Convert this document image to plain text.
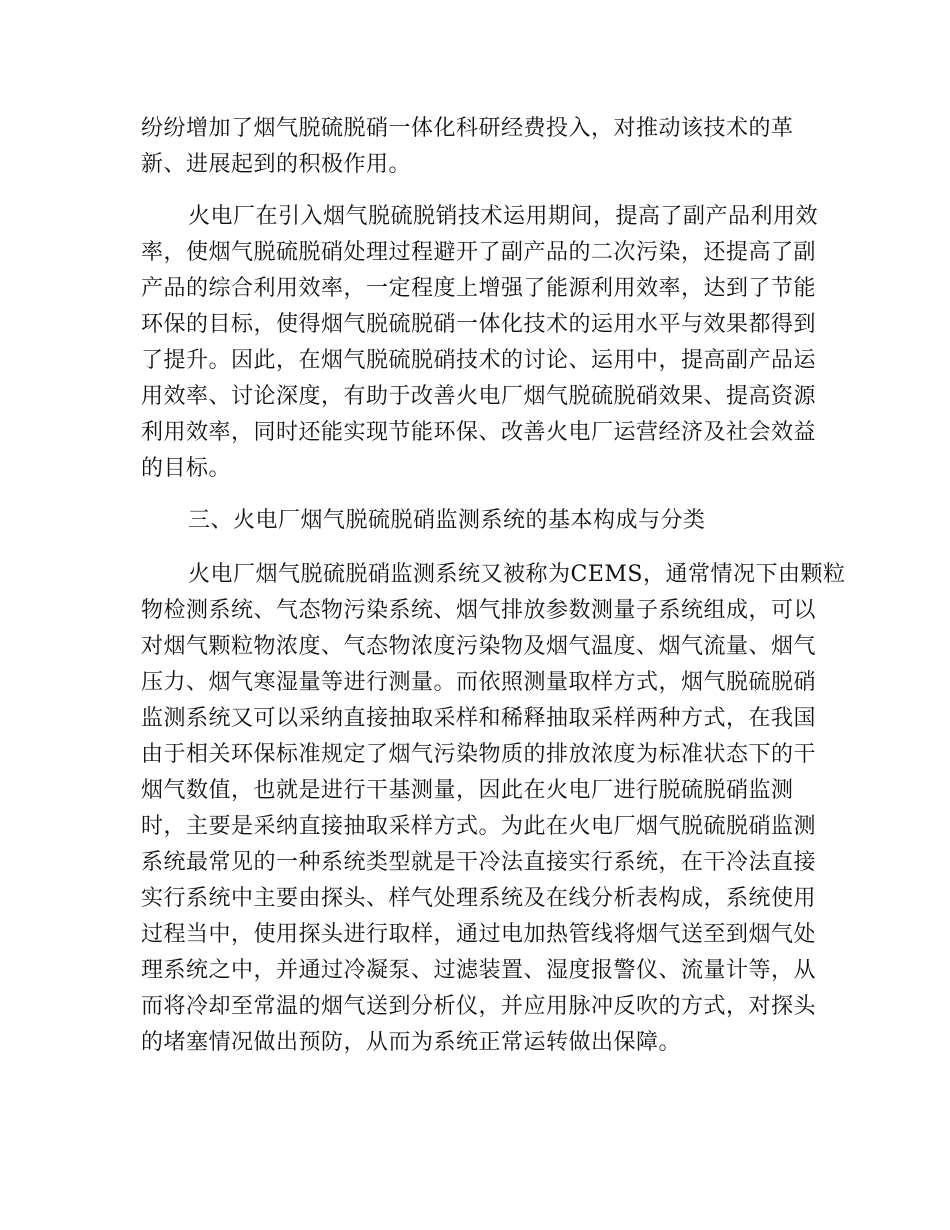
纷纷增加了烟气脱硫脱硝一体化科研经费投入，对推动该技术的革
新、进展起到的积极作用。
火电厂在引入烟气脱硫脱销技术运用期间，提高了副产品利用效
率，使烟气脱硫脱硝处理过程避开了副产品的二次污染，还提高了副
产品的综合利用效率，一定程度上增强了能源利用效率，达到了节能
环保的目标，使得烟气脱硫脱硝一体化技术的运用水平与效果都得到
了提升。因此，在烟气脱硫脱硝技术的讨论、运用中，提高副产品运
用效率、讨论深度，有助于改善火电厂烟气脱硫脱硝效果、提高资源
利用效率，同时还能实现节能环保、改善火电厂运营经济及社会效益
的目标。
三、火电厂烟气脱硫脱硝监测系统的基本构成与分类
火电厂烟气脱硫脱硝监测系统又被称为CEMS，通常情况下由颗粒
物检测系统、气态物污染系统、烟气排放参数测量子系统组成，可以
对烟气颗粒物浓度、气态物浓度污染物及烟气温度、烟气流量、烟气
压力、烟气寒湿量等进行测量。而依照测量取样方式，烟气脱硫脱硝
监测系统又可以采纳直接抽取采样和稀释抽取采样两种方式，在我国
由于相关环保标准规定了烟气污染物质的排放浓度为标准状态下的干
烟气数值，也就是进行干基测量，因此在火电厂进行脱硫脱硝监测
时，主要是采纳直接抽取采样方式。为此在火电厂烟气脱硫脱硝监测
系统最常见的一种系统类型就是干冷法直接实行系统，在干冷法直接
实行系统中主要由探头、样气处理系统及在线分析表构成，系统使用
过程当中，使用探头进行取样，通过电加热管线将烟气送至到烟气处
理系统之中，并通过冷凝泵、过滤装置、湿度报警仪、流量计等，从
而将冷却至常温的烟气送到分析仪，并应用脉冲反吹的方式，对探头
的堵塞情况做出预防，从而为系统正常运转做出保障。
